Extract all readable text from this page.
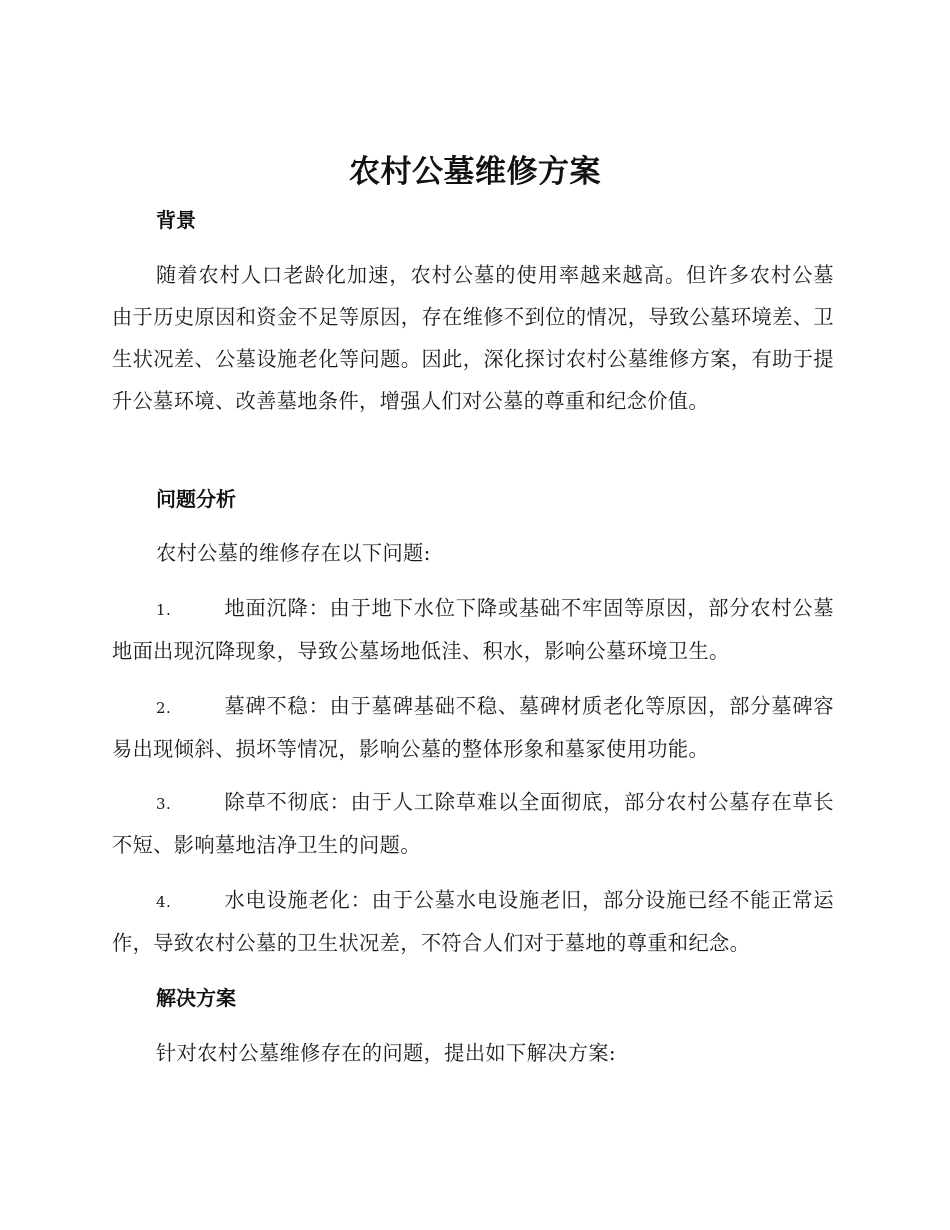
农村公墓维修方案
背景
随着农村人口老龄化加速，农村公墓的使用率越来越高。但许多农村公墓由于历史原因和资金不足等原因，存在维修不到位的情况，导致公墓环境差、卫生状况差、公墓设施老化等问题。因此，深化探讨农村公墓维修方案，有助于提升公墓环境、改善墓地条件，增强人们对公墓的尊重和纪念价值。
问题分析
农村公墓的维修存在以下问题:
1.	地面沉降：由于地下水位下降或基础不牢固等原因，部分农村公墓地面出现沉降现象，导致公墓场地低洼、积水，影响公墓环境卫生。
2.	墓碑不稳：由于墓碑基础不稳、墓碑材质老化等原因，部分墓碑容易出现倾斜、损坏等情况，影响公墓的整体形象和墓冢使用功能。
3.	除草不彻底：由于人工除草难以全面彻底，部分农村公墓存在草长不短、影响墓地洁净卫生的问题。
4.	水电设施老化：由于公墓水电设施老旧，部分设施已经不能正常运作，导致农村公墓的卫生状况差，不符合人们对于墓地的尊重和纪念。
解决方案
针对农村公墓维修存在的问题，提出如下解决方案:
